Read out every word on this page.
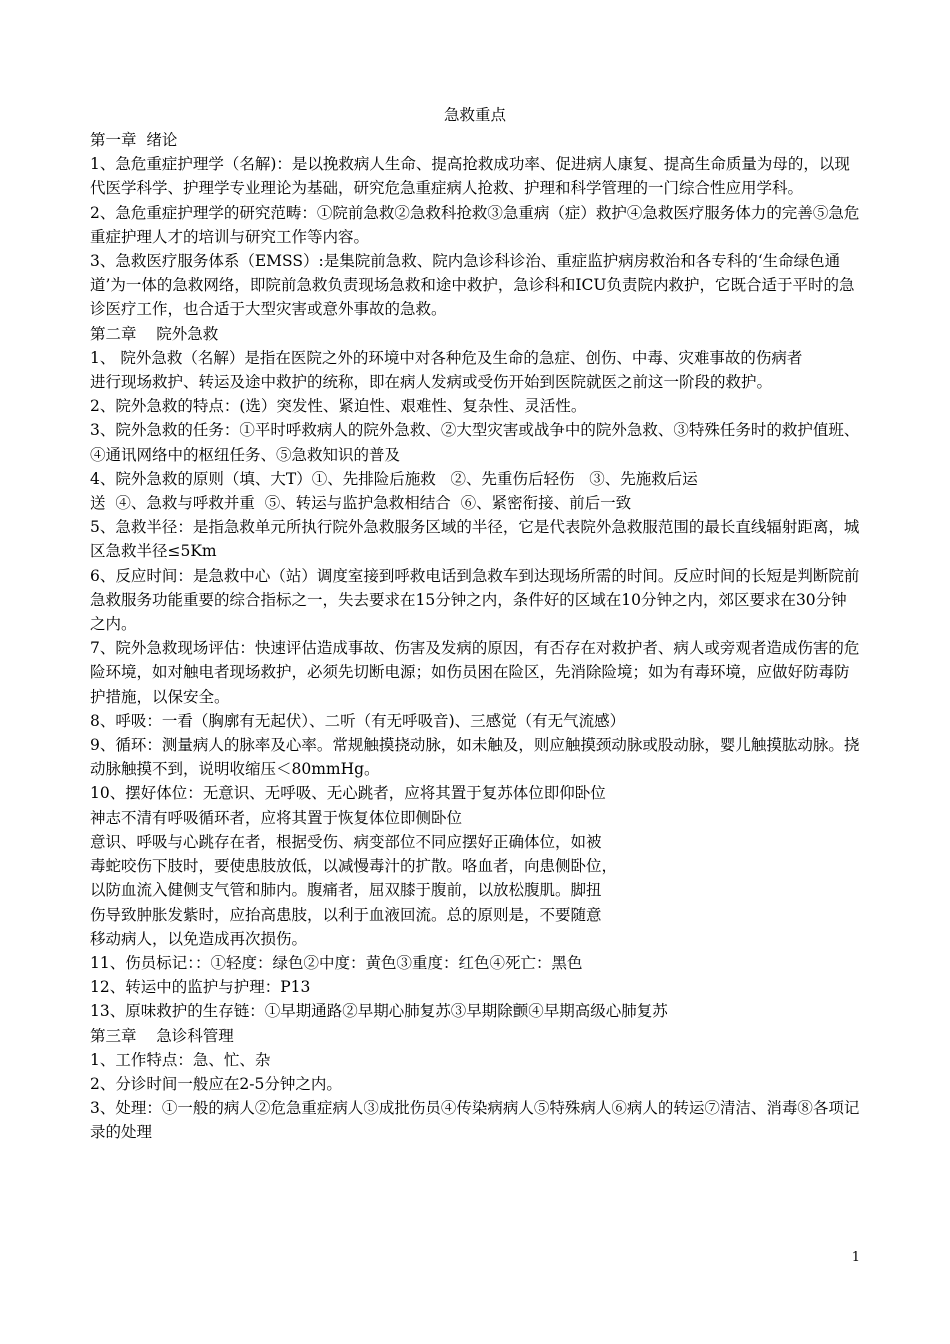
急救重点

第一章  绪论

1、急危重症护理学（名解)：是以挽救病人生命、提高抢救成功率、促进病人康复、提高生命质量为母的，以现代医学科学、护理学专业理论为基础，研究危急重症病人抢救、护理和科学管理的一门综合性应用学科。

2、急危重症护理学的研究范畴：①院前急救②急救科抢救③急重病（症）救护④急救医疗服务体力的完善⑤急危重症护理人才的培训与研究工作等内容。

3、急救医疗服务体系（EMSS）:是集院前急救、院内急诊科诊治、重症监护病房救治和各专科的‘生命绿色通道’为一体的急救网络，即院前急救负责现场急救和途中救护，急诊科和ICU负责院内救护，它既合适于平时的急诊医疗工作，也合适于大型灾害或意外事故的急救。

第二章    院外急救

1、 院外急救（名解）是指在医院之外的环境中对各种危及生命的急症、创伤、中毒、灾难事故的伤病者

进行现场救护、转运及途中救护的统称，即在病人发病或受伤开始到医院就医之前这一阶段的救护。

2、院外急救的特点：(选）突发性、紧迫性、艰难性、复杂性、灵活性。

3、院外急救的任务：①平时呼救病人的院外急救、②大型灾害或战争中的院外急救、③特殊任务时的救护值班、④通讯网络中的枢纽任务、⑤急救知识的普及

4、院外急救的原则（填、大T）①、先排险后施救   ②、先重伤后轻伤   ③、先施救后运

送  ④、急救与呼救并重  ⑤、转运与监护急救相结合  ⑥、紧密衔接、前后一致

5、急救半径：是指急救单元所执行院外急救服务区域的半径，它是代表院外急救服范围的最长直线辐射距离，城区急救半径≤5Km

6、反应时间：是急救中心（站）调度室接到呼救电话到急救车到达现场所需的时间。反应时间的长短是判断院前急救服务功能重要的综合指标之一，失去要求在15分钟之内，条件好的区域在10分钟之内，郊区要求在30分钟之内。

7、院外急救现场评估：快速评估造成事故、伤害及发病的原因，有否存在对救护者、病人或旁观者造成伤害的危险环境，如对触电者现场救护，必须先切断电源；如伤员困在险区，先消除险境；如为有毒环境，应做好防毒防护措施，以保安全。

8、呼吸：一看（胸廓有无起伏）、二听（有无呼吸音)、三感觉（有无气流感）

9、循环：测量病人的脉率及心率。常规触摸挠动脉，如未触及，则应触摸颈动脉或股动脉，婴儿触摸肱动脉。挠动脉触摸不到，说明收缩压＜80mmHg。

10、摆好体位：无意识、无呼吸、无心跳者，应将其置于复苏体位即仰卧位

神志不清有呼吸循环者，应将其置于恢复体位即侧卧位

意识、呼吸与心跳存在者，根据受伤、病变部位不同应摆好正确体位，如被

毒蛇咬伤下肢时，要使患肢放低，以减慢毒汁的扩散。咯血者，向患侧卧位，

以防血流入健侧支气管和肺内。腹痛者，屈双膝于腹前，以放松腹肌。脚扭

伤导致肿胀发紫时，应抬高患肢，以利于血液回流。总的原则是，不要随意

移动病人，以免造成再次损伤。

11、伤员标记：：①轻度：绿色②中度：黄色③重度：红色④死亡：黑色

12、转运中的监护与护理：P13

13、原味救护的生存链：①早期通路②早期心肺复苏③早期除颤④早期高级心肺复苏

第三章    急诊科管理

1、工作特点：急、忙、杂

2、分诊时间一般应在2-5分钟之内。

3、处理：①一般的病人②危急重症病人③成批伤员④传染病病人⑤特殊病人⑥病人的转运⑦清洁、消毒⑧各项记录的处理

1
